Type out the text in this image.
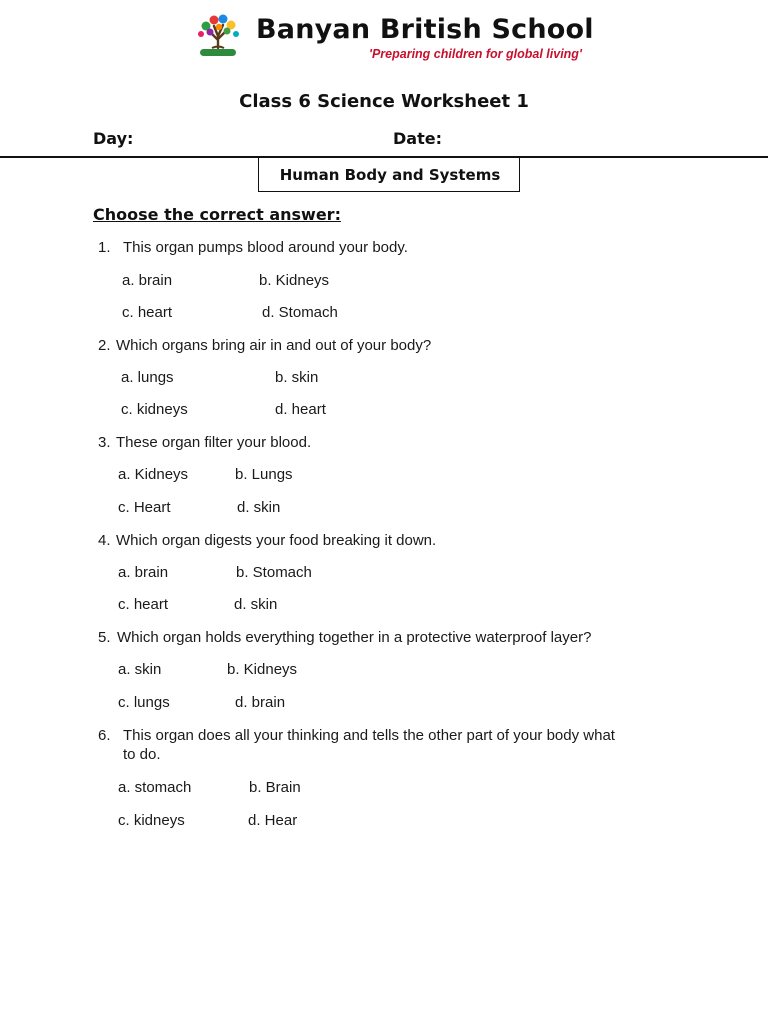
Banyan British School
'Preparing children for global living'
Class 6 Science Worksheet 1
Day:	Date:
Human Body and Systems
Choose the correct answer:
1. This organ pumps blood around your body.
a. brain	b. Kidneys
c. heart	d. Stomach
2. Which organs bring air in and out of your body?
a. lungs	b. skin
c. kidneys	d. heart
3. These organ filter your blood.
a. Kidneys	b. Lungs
c. Heart	d. skin
4. Which organ digests your food breaking it down.
a. brain	b. Stomach
c. heart	d. skin
5. Which organ holds everything together in a protective waterproof layer?
a. skin	b. Kidneys
c. lungs	d. brain
6. This organ does all your thinking and tells the other part of your body what
to do.
a. stomach	b. Brain
c. kidneys	d. Hear
